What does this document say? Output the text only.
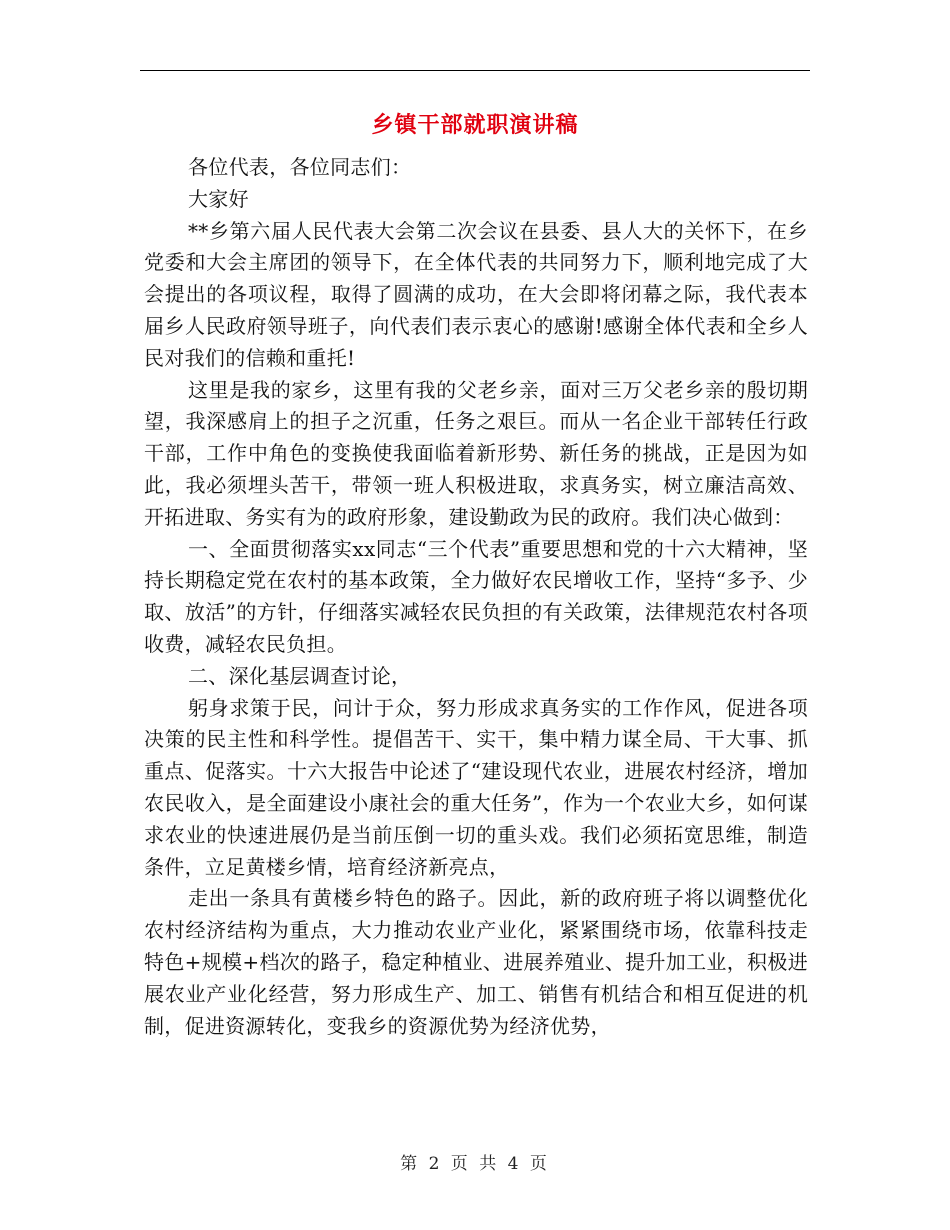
乡镇干部就职演讲稿

各位代表，各位同志们：

大家好

**乡第六届人民代表大会第二次会议在县委、县人大的关怀下，在乡党委和大会主席团的领导下，在全体代表的共同努力下，顺利地完成了大会提出的各项议程，取得了圆满的成功，在大会即将闭幕之际，我代表本届乡人民政府领导班子，向代表们表示衷心的感谢!感谢全体代表和全乡人民对我们的信赖和重托!

这里是我的家乡，这里有我的父老乡亲，面对三万父老乡亲的殷切期望，我深感肩上的担子之沉重，任务之艰巨。而从一名企业干部转任行政干部，工作中角色的变换使我面临着新形势、新任务的挑战，正是因为如此，我必须埋头苦干，带领一班人积极进取，求真务实，树立廉洁高效、开拓进取、务实有为的政府形象，建设勤政为民的政府。我们决心做到：

一、全面贯彻落实xx同志“三个代表”重要思想和党的十六大精神，坚持长期稳定党在农村的基本政策，全力做好农民增收工作，坚持“多予、少取、放活”的方针，仔细落实减轻农民负担的有关政策，法律规范农村各项收费，减轻农民负担。

二、深化基层调查讨论，

躬身求策于民，问计于众，努力形成求真务实的工作作风，促进各项决策的民主性和科学性。提倡苦干、实干，集中精力谋全局、干大事、抓重点、促落实。十六大报告中论述了“建设现代农业，进展农村经济，增加农民收入，是全面建设小康社会的重大任务”，作为一个农业大乡，如何谋求农业的快速进展仍是当前压倒一切的重头戏。我们必须拓宽思维，制造条件，立足黄楼乡情，培育经济新亮点，

走出一条具有黄楼乡特色的路子。因此，新的政府班子将以调整优化农村经济结构为重点，大力推动农业产业化，紧紧围绕市场，依靠科技走特色+规模+档次的路子，稳定种植业、进展养殖业、提升加工业，积极进展农业产业化经营，努力形成生产、加工、销售有机结合和相互促进的机制，促进资源转化，变我乡的资源优势为经济优势，

第 2 页 共 4 页
